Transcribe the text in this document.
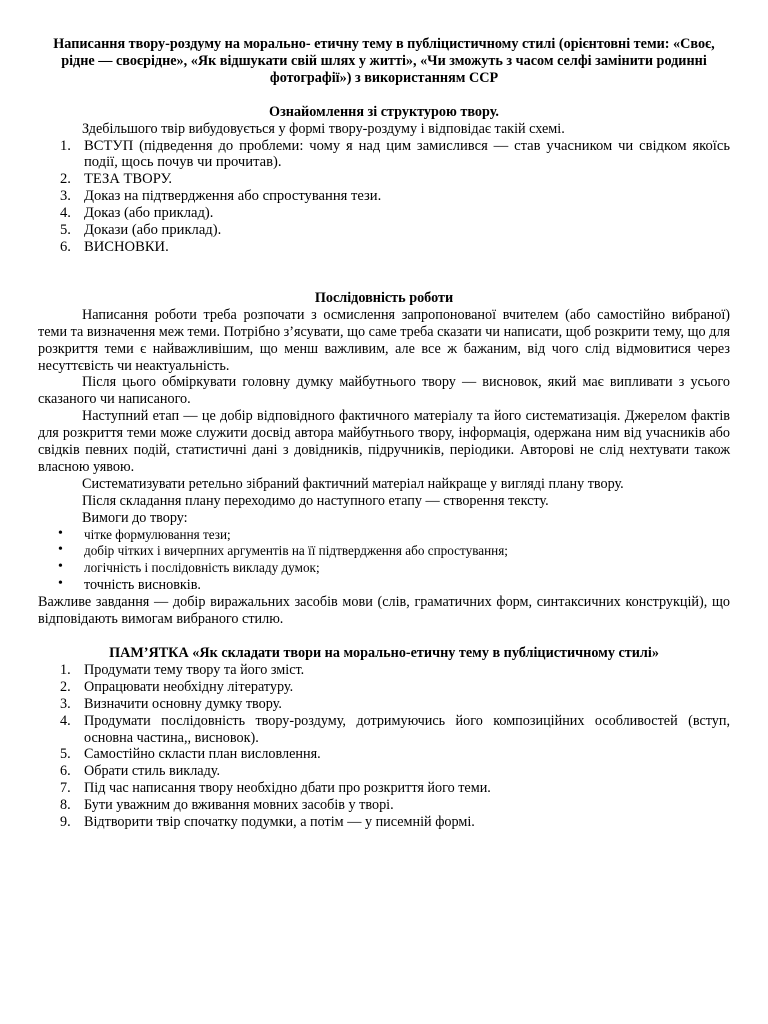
Написання твору-роздуму на морально- етичну тему в публіцистичному стилі (орієнтовні теми: «Своє, рідне — своєрідне», «Як відшукати свій шлях у житті», «Чи зможуть з часом селфі замінити родинні фотографії») з використанням ССР

Ознайомлення зі структурою твору.

Здебільшого твір вибудовується у формі твору-роздуму і відповідає такій схемі.

1. ВСТУП (підведення до проблеми: чому я над цим замислився — став учасником чи свідком якоїсь події, щось почув чи прочитав).
2. ТЕЗА ТВОРУ.
3. Доказ на підтвердження або спростування тези.
4. Доказ (або приклад).
5. Докази (або приклад).
6. ВИСНОВКИ.

Послідовність роботи

Написання роботи треба розпочати з осмислення запропонованої вчителем (або самостійно вибраної) теми та визначення меж теми. Потрібно з’ясувати, що саме треба сказати чи написати, щоб розкрити тему, що для розкриття теми є найважливішим, що менш важливим, але все ж бажаним, від чого слід відмовитися через несуттєвість чи неактуальність.

Після цього обміркувати головну думку майбутнього твору — висновок, який має випливати з усього сказаного чи написаного.

Наступний етап — це добір відповідного фактичного матеріалу та його систематизація. Джерелом фактів для розкриття теми може служити досвід автора майбутнього твору, інформація, одержана ним від учасників або свідків певних подій, статистичні дані з довідників, підручників, періодики. Авторові не слід нехтувати також власною уявою.

Систематизувати ретельно зібраний фактичний матеріал найкраще у вигляді плану твору.

Після складання плану переходимо до наступного етапу — створення тексту.

Вимоги до твору:

• чітке формулювання тези;
• добір чітких і вичерпних аргументів на її підтвердження або спростування;
• логічність і послідовність викладу думок;
• точність висновків.

Важливе завдання — добір виражальних засобів мови (слів, граматичних форм, синтаксичних конструкцій), що відповідають вимогам вибраного стилю.

ПАМ’ЯТКА «Як складати твори на морально-етичну тему в публіцистичному стилі»

1. Продумати тему твору та його зміст.
2. Опрацювати необхідну літературу.
3. Визначити основну думку твору.
4. Продумати послідовність твору-роздуму, дотримуючись його композиційних особливостей (вступ, основна частина,, висновок).
5. Самостійно скласти план висловлення.
6. Обрати стиль викладу.
7. Під час написання твору необхідно дбати про розкриття його теми.
8. Бути уважним до вживання мовних засобів у творі.
9. Відтворити твір спочатку подумки, а потім — у писемній формі.
